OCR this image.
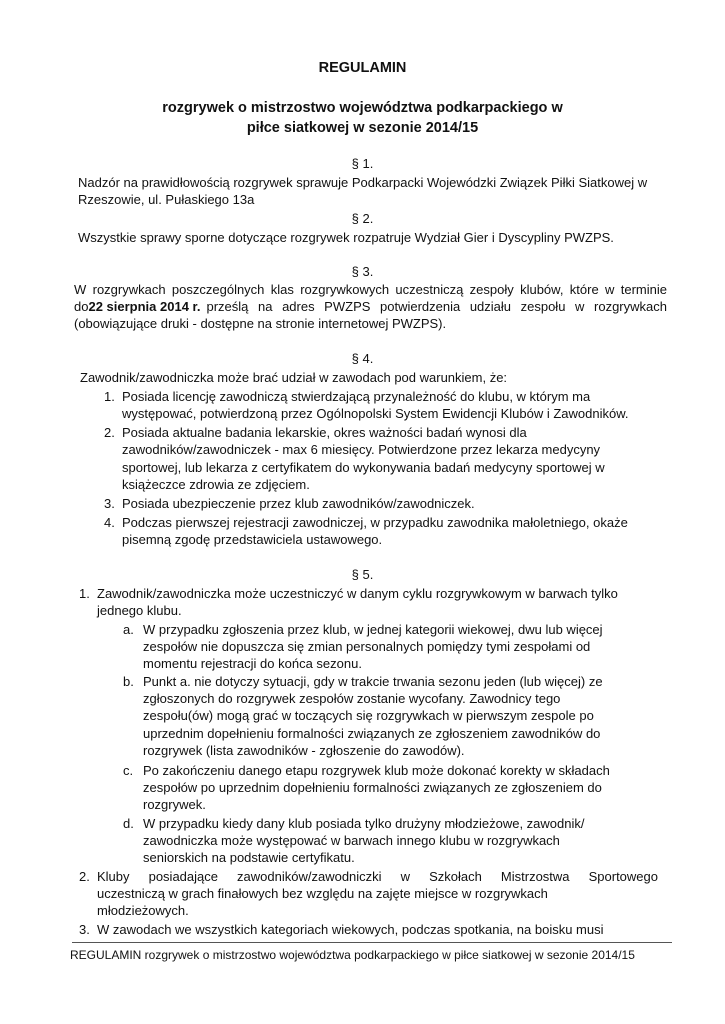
REGULAMIN
rozgrywek o mistrzostwo województwa podkarpackiego w
piłce siatkowej w sezonie 2014/15
§ 1.
Nadzór na prawidłowością rozgrywek sprawuje Podkarpacki Wojewódzki Związek Piłki Siatkowej w
Rzeszowie, ul. Pułaskiego 13a
§ 2.
Wszystkie sprawy sporne dotyczące rozgrywek rozpatruje Wydział Gier i Dyscypliny PWZPS.
§ 3.
W rozgrywkach poszczególnych klas rozgrywkowych uczestniczą zespoły klubów, które w terminie
do 22 sierpnia 2014 r. prześlą na adres PWZPS potwierdzenia udziału zespołu w rozgrywkach
(obowiązujące druki - dostępne na stronie internetowej PWZPS).
§ 4.
Zawodnik/zawodniczka może brać udział w zawodach pod warunkiem, że:
1. Posiada licencję zawodniczą stwierdzającą przynależność do klubu, w którym ma
występować, potwierdzoną przez Ogólnopolski System Ewidencji Klubów i Zawodników.
2. Posiada aktualne badania lekarskie, okres ważności badań wynosi dla
zawodników/zawodniczek - max 6 miesięcy. Potwierdzone przez lekarza medycyny
sportowej, lub lekarza z certyfikatem do wykonywania badań medycyny sportowej w
książeczce zdrowia ze zdjęciem.
3. Posiada ubezpieczenie przez klub zawodników/zawodniczek.
4. Podczas pierwszej rejestracji zawodniczej, w przypadku zawodnika małoletniego, okaże
pisemną zgodę przedstawiciela ustawowego.
§ 5.
1. Zawodnik/zawodniczka może uczestniczyć w danym cyklu rozgrywkowym w barwach tylko
jednego klubu.
a. W przypadku zgłoszenia przez klub, w jednej kategorii wiekowej, dwu lub więcej
zespołów nie dopuszcza się zmian personalnych pomiędzy tymi zespołami od
momentu rejestracji do końca sezonu.
b. Punkt a. nie dotyczy sytuacji, gdy w trakcie trwania sezonu jeden (lub więcej) ze
zgłoszonych do rozgrywek zespołów zostanie wycofany. Zawodnicy tego
zespołu(ów) mogą grać w toczących się rozgrywkach w pierwszym zespole po
uprzednim dopełnieniu formalności związanych ze zgłoszeniem zawodników do
rozgrywek (lista zawodników - zgłoszenie do zawodów).
c. Po zakończeniu danego etapu rozgrywek klub może dokonać korekty w składach
zespołów po uprzednim dopełnieniu formalności związanych ze zgłoszeniem do
rozgrywek.
d. W przypadku kiedy dany klub posiada tylko drużyny młodzieżowe, zawodnik/
zawodniczka może występować w barwach innego klubu w rozgrywkach
seniorskich na podstawie certyfikatu.
2. Kluby posiadające zawodników/zawodniczki w Szkołach Mistrzostwa Sportowego
uczestniczą w grach finałowych bez względu na zajęte miejsce w rozgrywkach
młodzieżowych.
3. W zawodach we wszystkich kategoriach wiekowych, podczas spotkania, na boisku musi
REGULAMIN rozgrywek o mistrzostwo województwa podkarpackiego w piłce siatkowej w sezonie 2014/15
